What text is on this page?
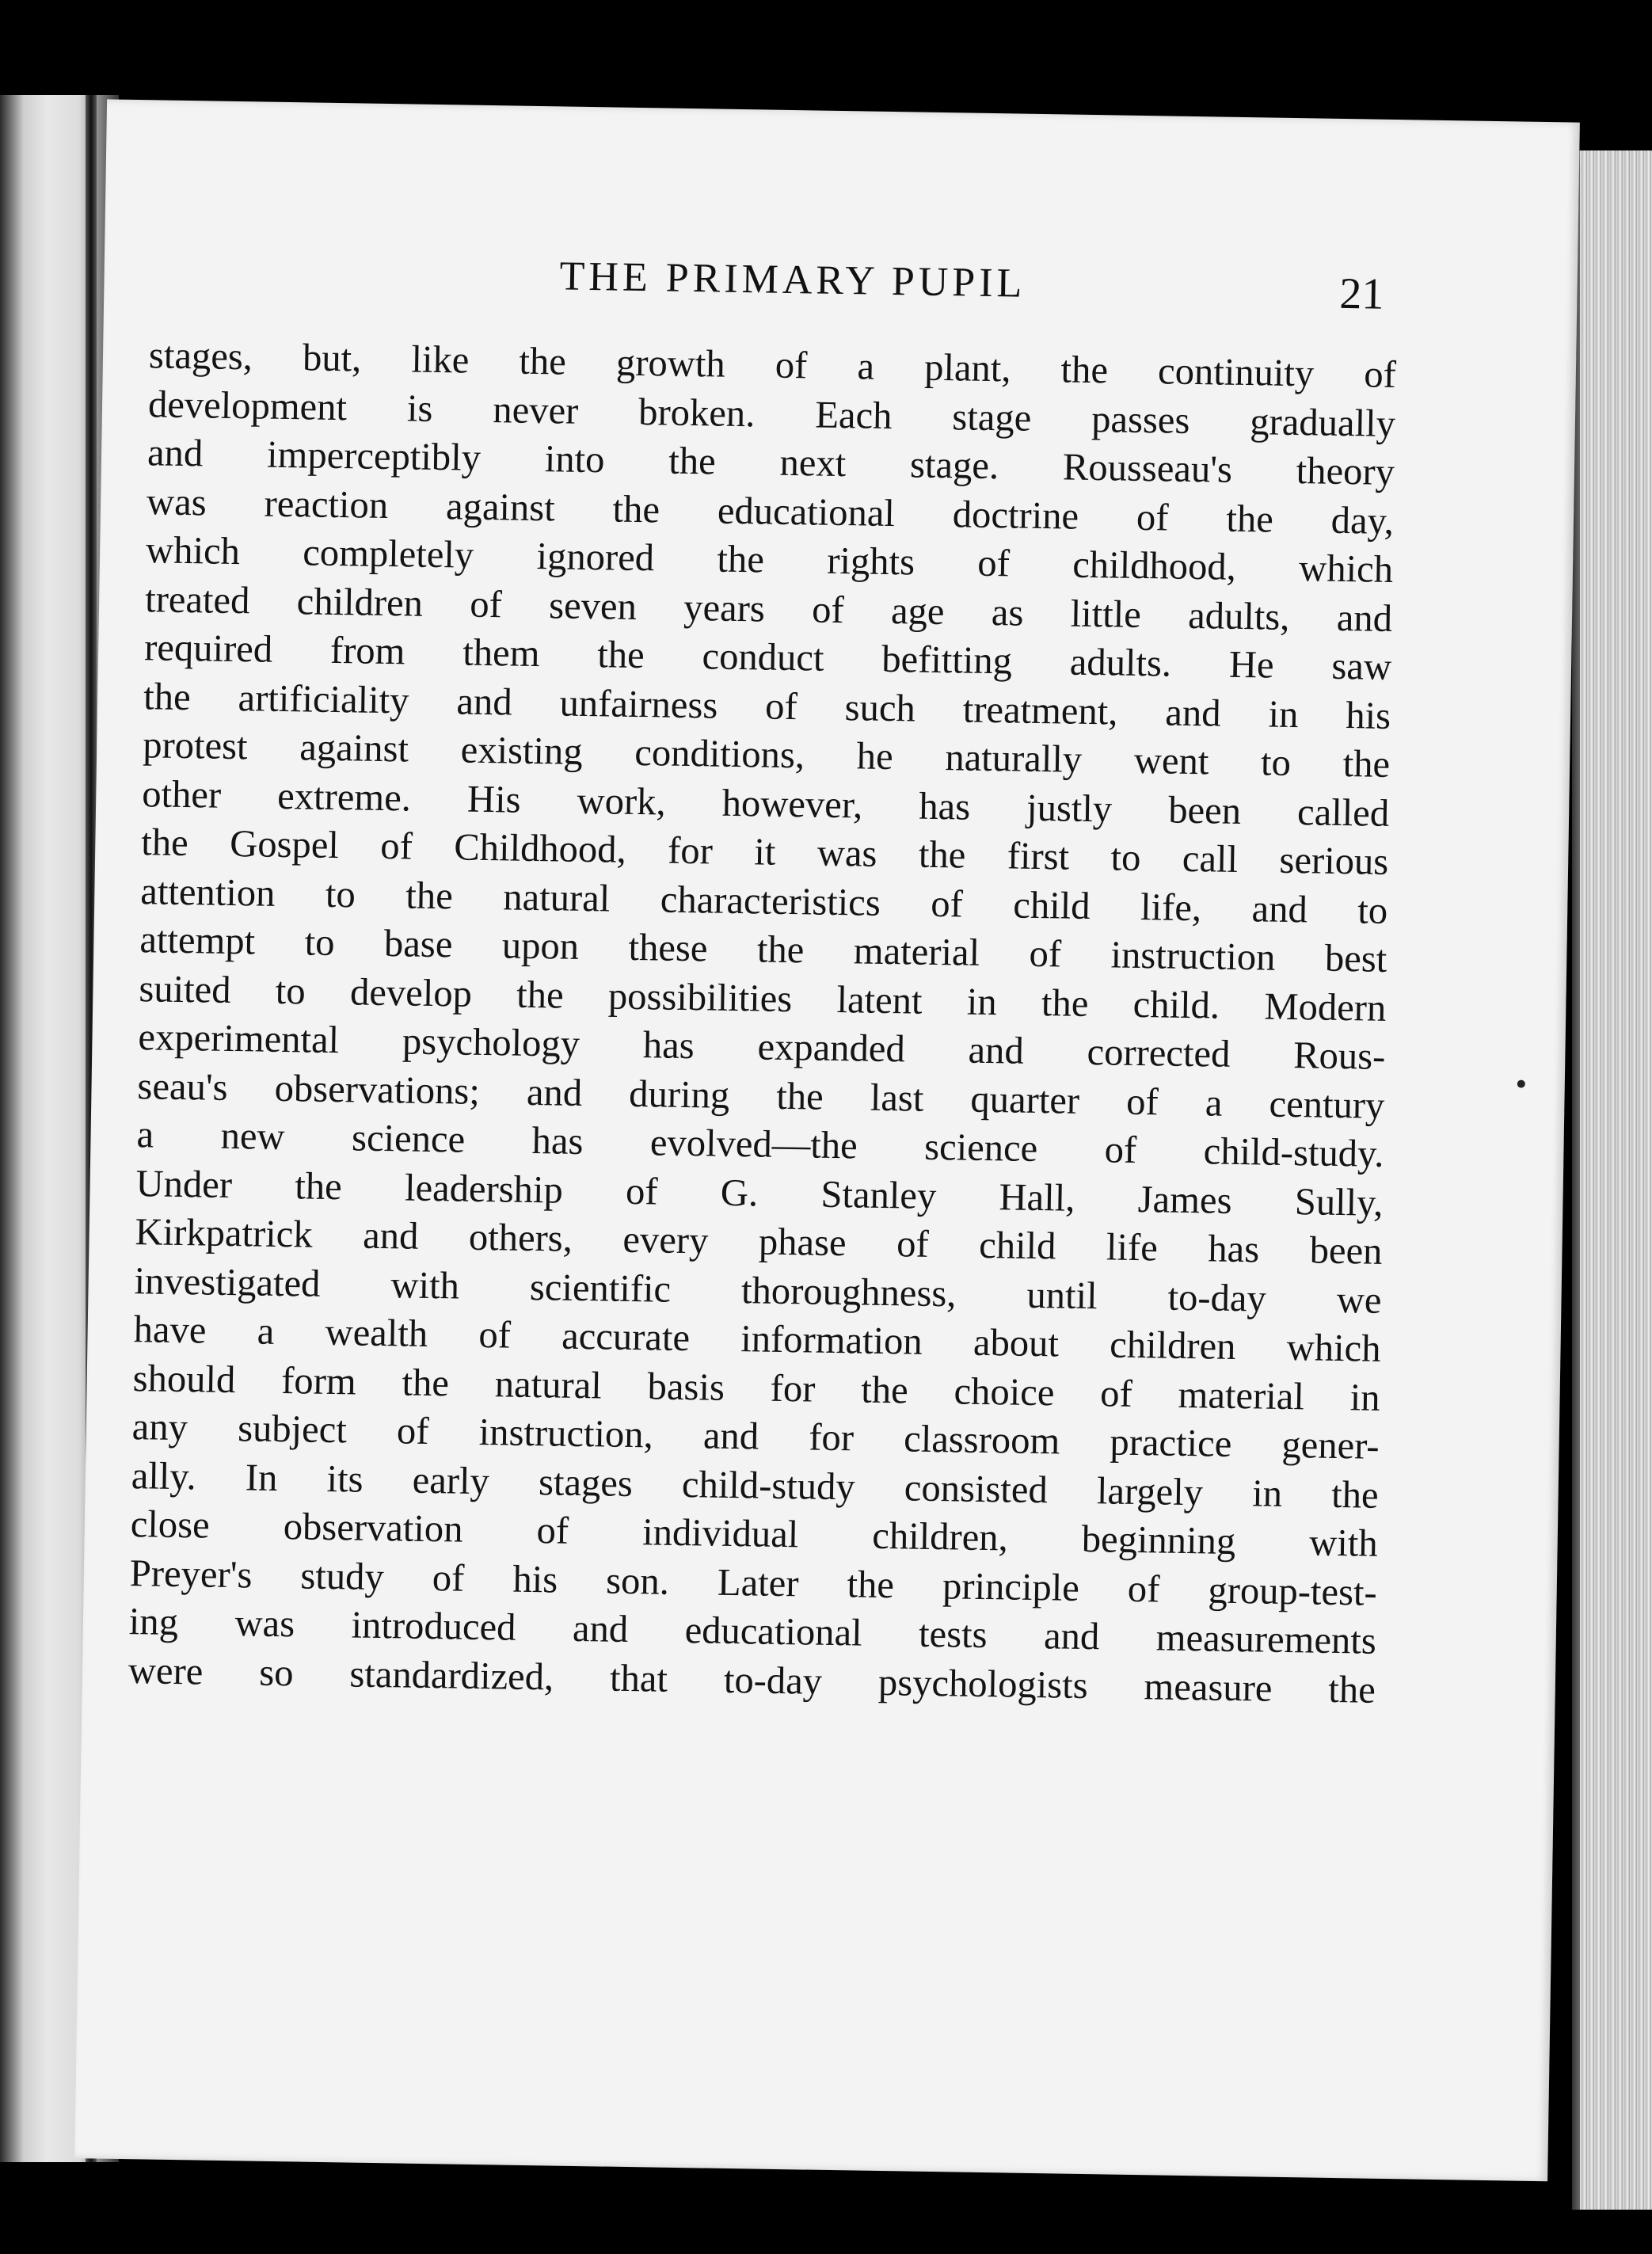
THE PRIMARY PUPIL	21
stages, but, like the growth of a plant, the continuity of
development is never broken. Each stage passes gradually
and imperceptibly into the next stage. Rousseau's theory
was reaction against the educational doctrine of the day,
which completely ignored the rights of childhood, which
treated children of seven years of age as little adults, and
required from them the conduct befitting adults. He saw
the artificiality and unfairness of such treatment, and in his
protest against existing conditions, he naturally went to the
other extreme. His work, however, has justly been called
the Gospel of Childhood, for it was the first to call serious
attention to the natural characteristics of child life, and to
attempt to base upon these the material of instruction best
suited to develop the possibilities latent in the child. Modern
experimental psychology has expanded and corrected Rous-
seau's observations; and during the last quarter of a century
a new science has evolved—the science of child-study.
Under the leadership of G. Stanley Hall, James Sully,
Kirkpatrick and others, every phase of child life has been
investigated with scientific thoroughness, until to-day we
have a wealth of accurate information about children which
should form the natural basis for the choice of material in
any subject of instruction, and for classroom practice gener-
ally. In its early stages child-study consisted largely in the
close observation of individual children, beginning with
Preyer's study of his son. Later the principle of group-test-
ing was introduced and educational tests and measurements
were so standardized, that to-day psychologists measure the
